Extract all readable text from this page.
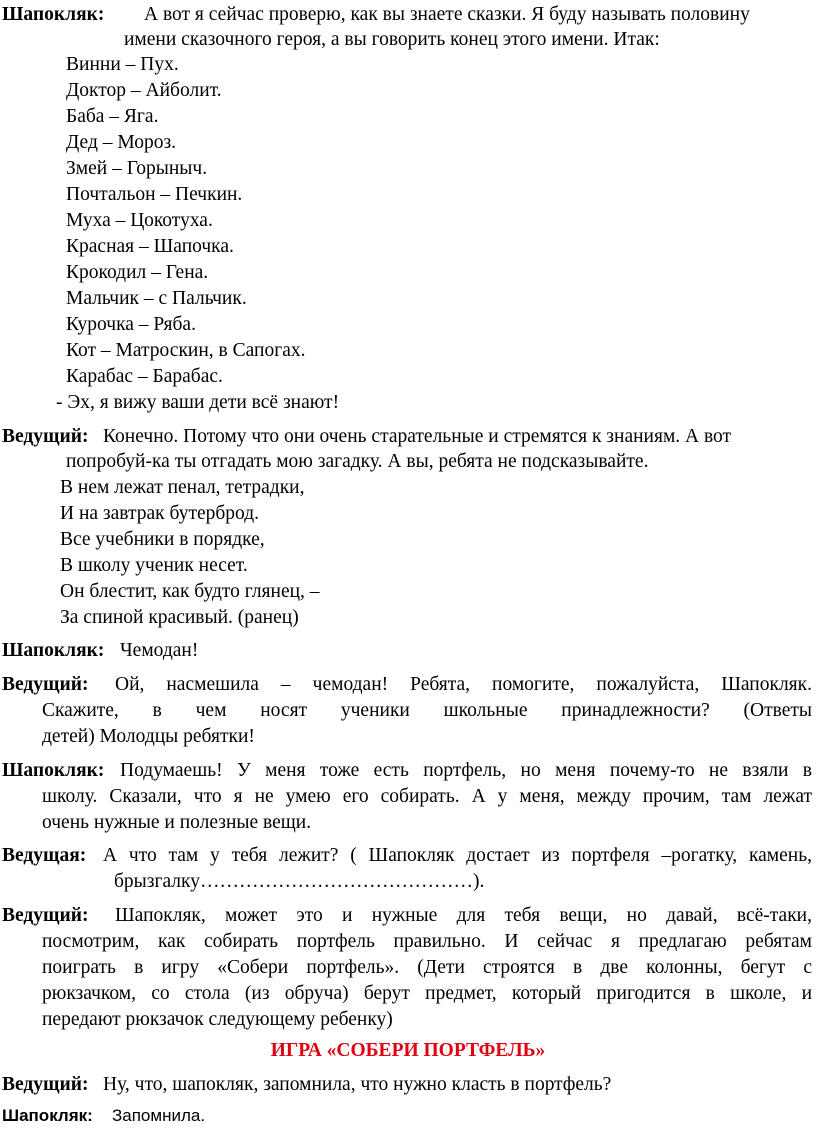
Шапокляк: А вот я сейчас проверю, как вы знаете сказки. Я буду называть половину
имени сказочного героя, а вы говорить конец этого имени. Итак:
Винни – Пух.
Доктор – Айболит.
Баба – Яга.
Дед – Мороз.
Змей – Горыныч.
Почтальон – Печкин.
Муха – Цокотуха.
Красная – Шапочка.
Крокодил – Гена.
Мальчик – с Пальчик.
Курочка – Ряба.
Кот – Матроскин, в Сапогах.
Карабас – Барабас.
- Эх, я вижу ваши дети всё знают!
Ведущий: Конечно. Потому что они очень старательные и стремятся к знаниям. А вот
попробуй-ка ты отгадать мою загадку. А вы, ребята не подсказывайте.
В нем лежат пенал, тетрадки,
И на завтрак бутерброд.
Все учебники в порядке,
В школу ученик несет.
Он блестит, как будто глянец, –
За спиной красивый. (ранец)
Шапокляк: Чемодан!
Ведущий: Ой, насмешила – чемодан! Ребята, помогите, пожалуйста, Шапокляк.
Скажите, в чем носят ученики школьные принадлежности? (Ответы
детей) Молодцы ребятки!
Шапокляк: Подумаешь! У меня тоже есть портфель, но меня почему-то не взяли в
школу. Сказали, что я не умею его собирать. А у меня, между прочим, там лежат
очень нужные и полезные вещи.
Ведущая: А что там у тебя лежит? ( Шапокляк достает из портфеля –рогатку, камень,
брызгалку……………………………………).
Ведущий: Шапокляк, может это и нужные для тебя вещи, но давай, всё-таки,
посмотрим, как собирать портфель правильно. И сейчас я предлагаю ребятам
поиграть в игру «Собери портфель». (Дети строятся в две колонны, бегут с
рюкзачком, со стола (из обруча) берут предмет, который пригодится в школе, и
передают рюкзачок следующему ребенку)
ИГРА «СОБЕРИ ПОРТФЕЛЬ»
Ведущий: Ну, что, шапокляк, запомнила, что нужно класть в портфель?
Шапокляк: Запомнила.
